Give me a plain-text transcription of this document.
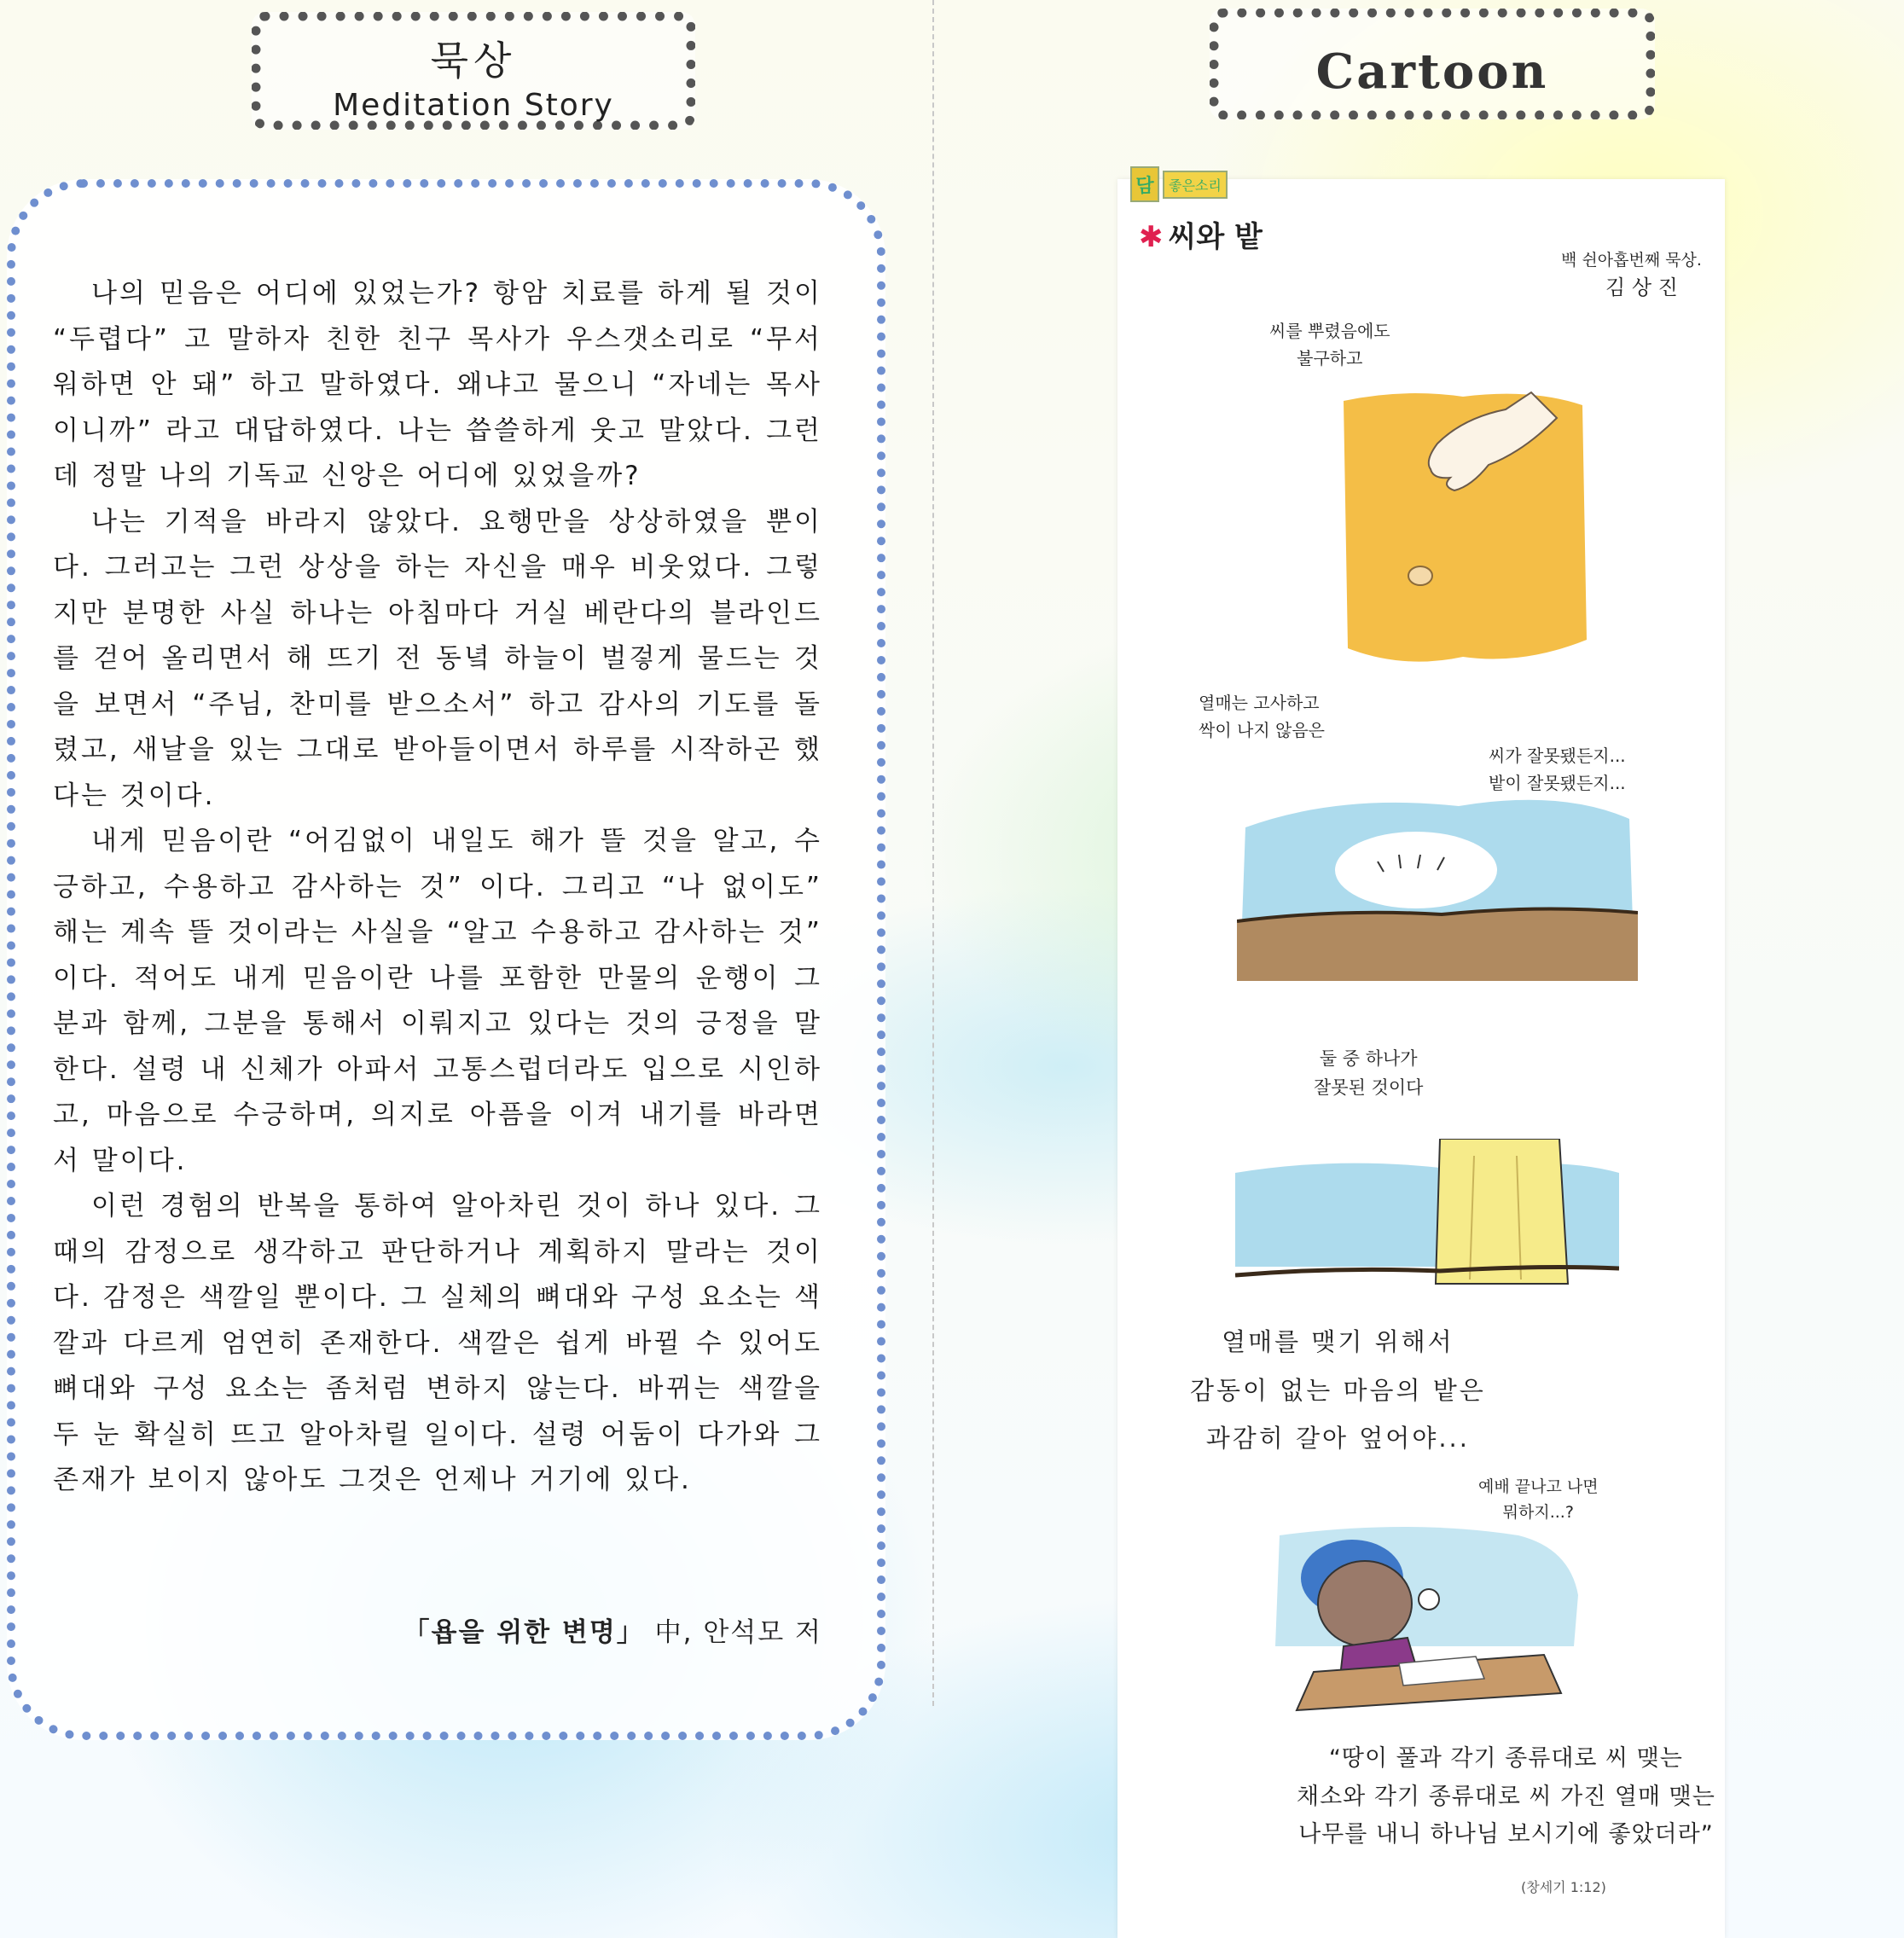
묵상
Meditation Story
Cartoon

나의 믿음은 어디에 있었는가? 항암 치료를 하게 될 것이 “두렵다” 고 말하자 친한 친구 목사가 우스갯소리로 “무서워하면 안 돼” 하고 말하였다. 왜냐고 물으니 “자네는 목사이니까” 라고 대답하였다. 나는 씁쓸하게 웃고 말았다. 그런데 정말 나의 기독교 신앙은 어디에 있었을까?

나는 기적을 바라지 않았다. 요행만을 상상하였을 뿐이다. 그러고는 그런 상상을 하는 자신을 매우 비웃었다. 그렇지만 분명한 사실 하나는 아침마다 거실 베란다의 블라인드를 걷어 올리면서 해 뜨기 전 동녘 하늘이 벌겋게 물드는 것을 보면서 “주님, 찬미를 받으소서” 하고 감사의 기도를 돌렸고, 새날을 있는 그대로 받아들이면서 하루를 시작하곤 했다는 것이다.

내게 믿음이란 “어김없이 내일도 해가 뜰 것을 알고, 수긍하고, 수용하고 감사하는 것” 이다. 그리고 “나 없이도” 해는 계속 뜰 것이라는 사실을 “알고 수용하고 감사하는 것” 이다. 적어도 내게 믿음이란 나를 포함한 만물의 운행이 그분과 함께, 그분을 통해서 이뤄지고 있다는 것의 긍정을 말한다. 설령 내 신체가 아파서 고통스럽더라도 입으로 시인하고, 마음으로 수긍하며, 의지로 아픔을 이겨 내기를 바라면서 말이다.

이런 경험의 반복을 통하여 알아차린 것이 하나 있다. 그때의 감정으로 생각하고 판단하거나 계획하지 말라는 것이다. 감정은 색깔일 뿐이다. 그 실체의 뼈대와 구성 요소는 색깔과 다르게 엄연히 존재한다. 색깔은 쉽게 바뀔 수 있어도 뼈대와 구성 요소는 좀처럼 변하지 않는다. 바뀌는 색깔을 두 눈 확실히 뜨고 알아차릴 일이다. 설령 어둠이 다가와 그 존재가 보이지 않아도 그것은 언제나 거기에 있다.

「욥을 위한 변명」 中, 안석모 저
담	좋은소리
✱ 씨와 밭
백 쉰아홉번째 묵상.
김 상 진
씨를 뿌렸음에도
불구하고
열매는 고사하고
싹이 나지 않음은
씨가 잘못됐든지...
밭이 잘못됐든지...
둘 중 하나가
잘못된 것이다
열매를 맺기 위해서
감동이 없는 마음의 밭은
과감히 갈아 엎어야...
예배 끝나고 나면
뭐하지...?
“땅이 풀과 각기 종류대로 씨 맺는
채소와 각기 종류대로 씨 가진 열매 맺는
나무를 내니 하나님 보시기에 좋았더라”
(창세기 1:12)
